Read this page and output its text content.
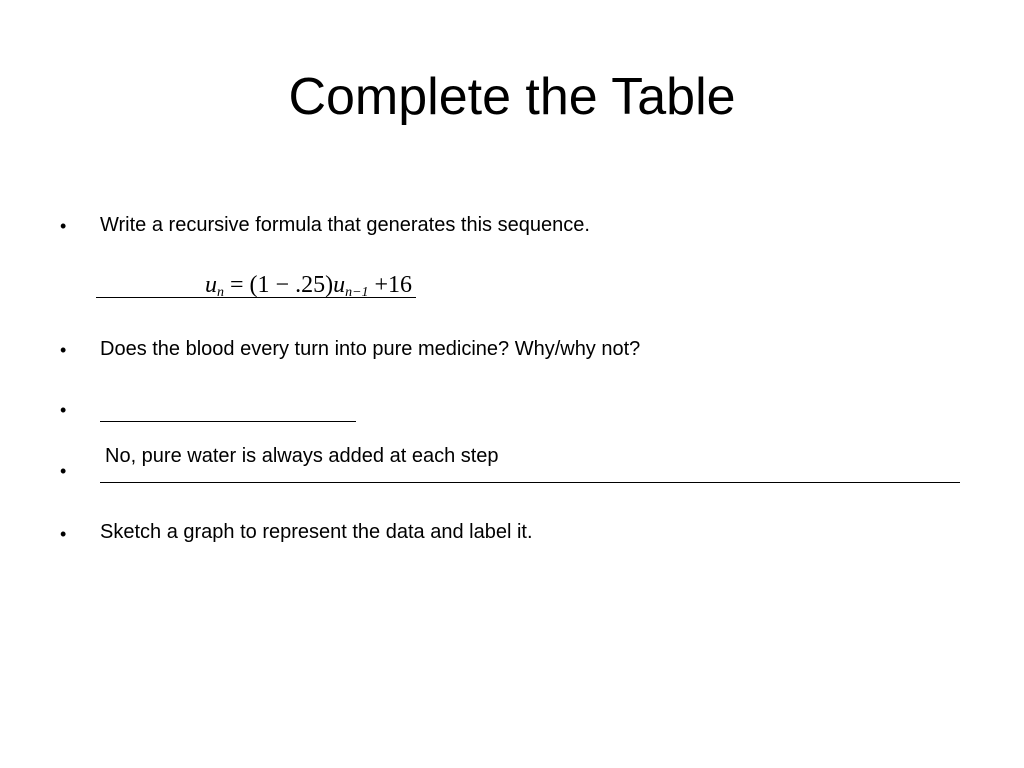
Complete the Table
• Write a recursive formula that generates this sequence.
$u_n = (1 - .25)u_{n-1} +16$
• Does the blood every turn into pure medicine? Why/why not?
•
No, pure water is always added at each step
•
• Sketch a graph to represent the data and label it.
